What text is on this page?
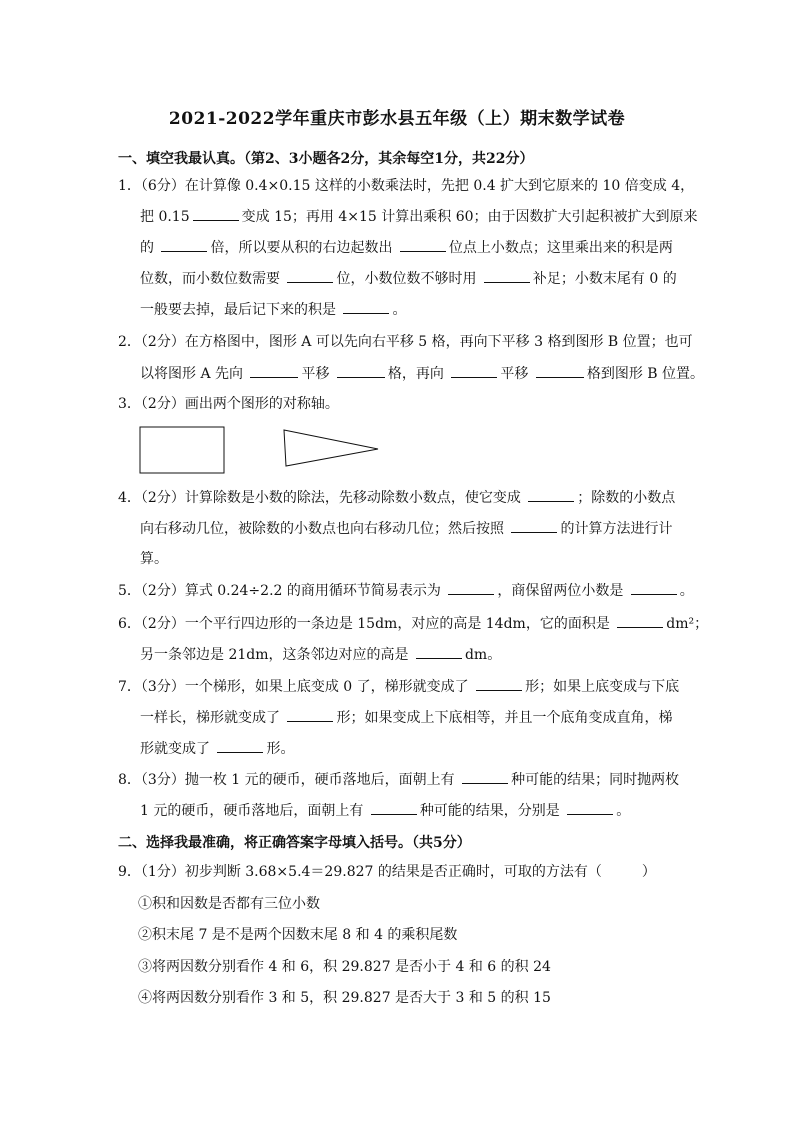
2021-2022学年重庆市彭水县五年级（上）期末数学试卷
一、填空我最认真。（第2、3小题各2分，其余每空1分，共22分）
1．（6分）在计算像 0.4×0.15 这样的小数乘法时，先把 0.4 扩大到它原来的 10 倍变成 4，
把 0.15	变成 15；再用 4×15 计算出乘积 60；由于因数扩大引起积被扩大到原来
的	倍，所以要从积的右边起数出	位点上小数点；这里乘出来的积是两
位数，而小数位数需要	位，小数位数不够时用	补足；小数末尾有 0 的
一般要去掉，最后记下来的积是	。
2．（2分）在方格图中，图形 A 可以先向右平移 5 格，再向下平移 3 格到图形 B 位置；也可
以将图形 A 先向	平移	格，再向	平移	格到图形 B 位置。
3．（2分）画出两个图形的对称轴。
4．（2分）计算除数是小数的除法，先移动除数小数点，使它变成	；除数的小数点
向右移动几位，被除数的小数点也向右移动几位；然后按照	的计算方法进行计
算。
5．（2分）算式 0.24÷2.2 的商用循环节简易表示为	，商保留两位小数是	。
6．（2分）一个平行四边形的一条边是 15dm，对应的高是 14dm，它的面积是	dm²；
另一条邻边是 21dm，这条邻边对应的高是	dm。
7．（3分）一个梯形，如果上底变成 0 了，梯形就变成了	形；如果上底变成与下底
一样长，梯形就变成了	形；如果变成上下底相等，并且一个底角变成直角，梯
形就变成了	形。
8．（3分）抛一枚 1 元的硬币，硬币落地后，面朝上有	种可能的结果；同时抛两枚
1 元的硬币，硬币落地后，面朝上有	种可能的结果，分别是	。
二、选择我最准确，将正确答案字母填入括号。（共5分）
9．（1分）初步判断 3.68×5.4＝29.827 的结果是否正确时，可取的方法有（	）
①积和因数是否都有三位小数
②积末尾 7 是不是两个因数末尾 8 和 4 的乘积尾数
③将两因数分别看作 4 和 6，积 29.827 是否小于 4 和 6 的积 24
④将两因数分别看作 3 和 5，积 29.827 是否大于 3 和 5 的积 15
